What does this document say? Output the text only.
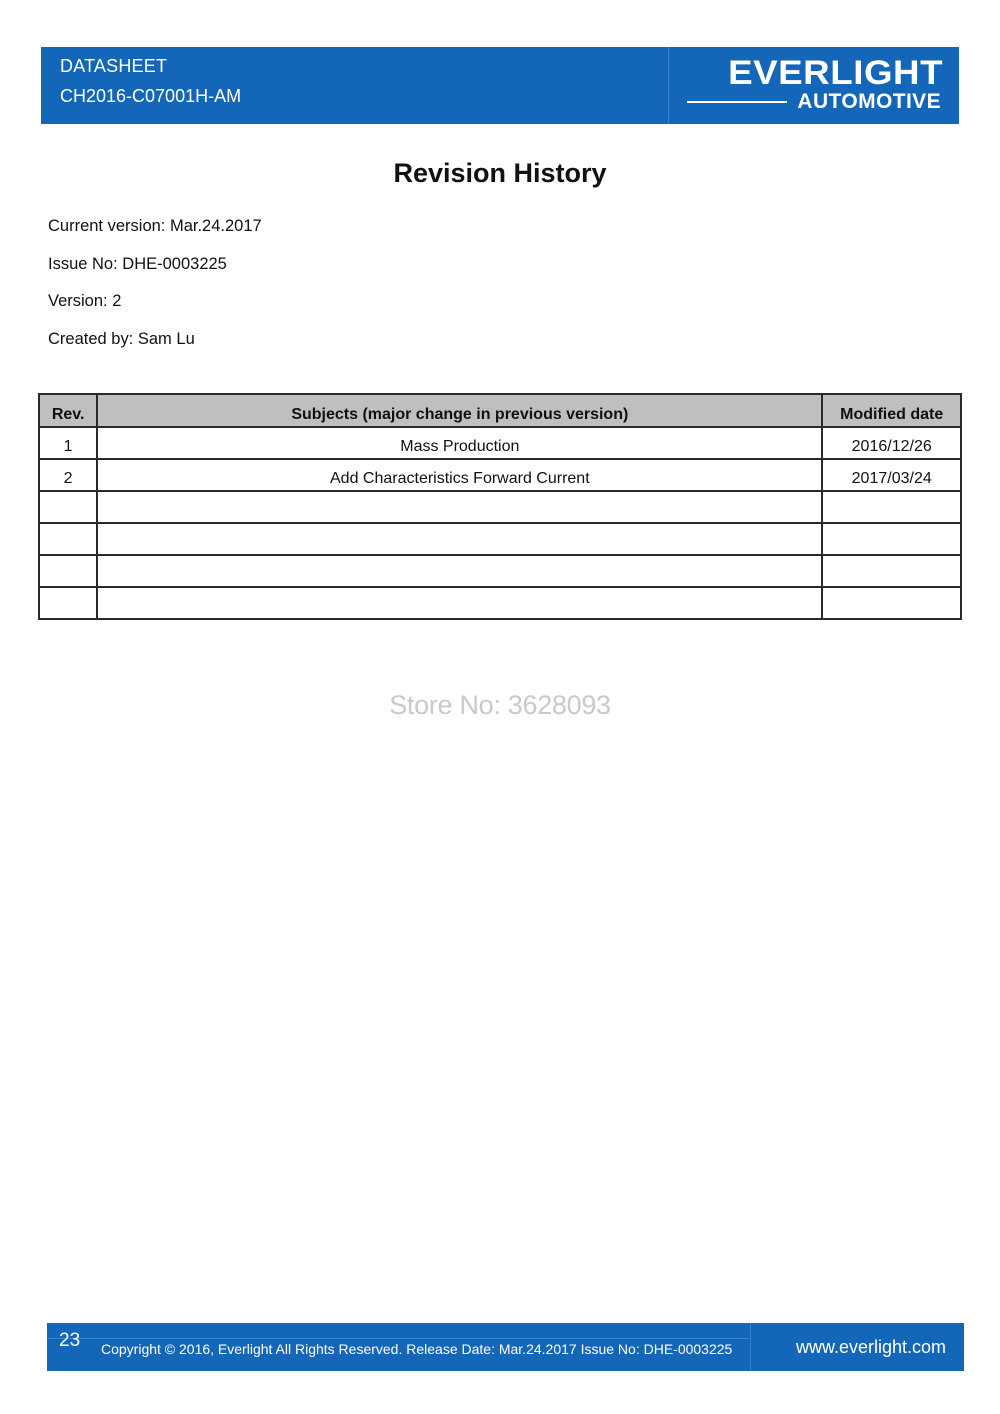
DATASHEET
CH2016-C07001H-AM
EVERLIGHT
AUTOMOTIVE
Revision History
Current version: Mar.24.2017
Issue No: DHE-0003225
Version: 2
Created by: Sam Lu
Rev.	Subjects (major change in previous version)	Modified date
1	Mass Production	2016/12/26
2	Add Characteristics Forward Current	2017/03/24

Store No: 3628093
23 Copyright © 2016, Everlight All Rights Reserved. Release Date: Mar.24.2017 Issue No: DHE-0003225	www.everlight.com
